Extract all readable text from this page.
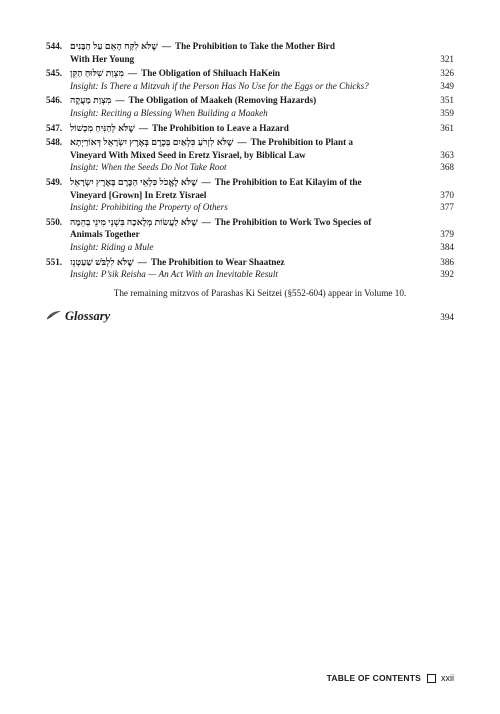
544. שֶׁלֹּא לִקַּח הָאֵם עַל הַבָּנִים — The Prohibition to Take the Mother Bird
With Her Young	321
545. מִצְוַת שִׁלּוּחַ הַקֵּן — The Obligation of Shiluach HaKein	326
Insight: Is There a Mitzvah if the Person Has No Use for the Eggs or the Chicks?	349
546. מִצְוַת מַעֲקֶה — The Obligation of Maakeh (Removing Hazards)	351
Insight: Reciting a Blessing When Building a Maakeh	359
547. שֶׁלֹּא לְהַנִּיחַ מִכְשׁוֹל — The Prohibition to Leave a Hazard	361
548. שֶׁלֹּא לִזְרֹעַ כִּלְאַיִם בְּכֶרֶם בְּאֶרֶץ יִשְׂרָאֵל דְּאוֹרַיְתָא — The Prohibition to Plant a
Vineyard With Mixed Seed in Eretz Yisrael, by Biblical Law	363
Insight: When the Seeds Do Not Take Root	368
549. שֶׁלֹּא לֶאֱכֹל כִּלְאֵי הַכֶּרֶם בְּאֶרֶץ יִשְׂרָאֵל — The Prohibition to Eat Kilayim of the
Vineyard [Grown] In Eretz Yisrael	370
Insight: Prohibiting the Property of Others	377
550. שֶׁלֹּא לַעֲשׂוֹת מְלָאכָה בִּשְׁנֵי מִינֵי בְהֵמָה — The Prohibition to Work Two Species of
Animals Together	379
Insight: Riding a Mule	384
551. שֶׁלֹּא לִלְבֹּשׁ שַׁעַטְנֵז — The Prohibition to Wear Shaatnez	386
Insight: P’sik Reisha — An Act With an Inevitable Result	392
The remaining mitzvos of Parashas Ki Seitzei (§552-604) appear in Volume 10.
Glossary	394
TABLE OF CONTENTS xxii
